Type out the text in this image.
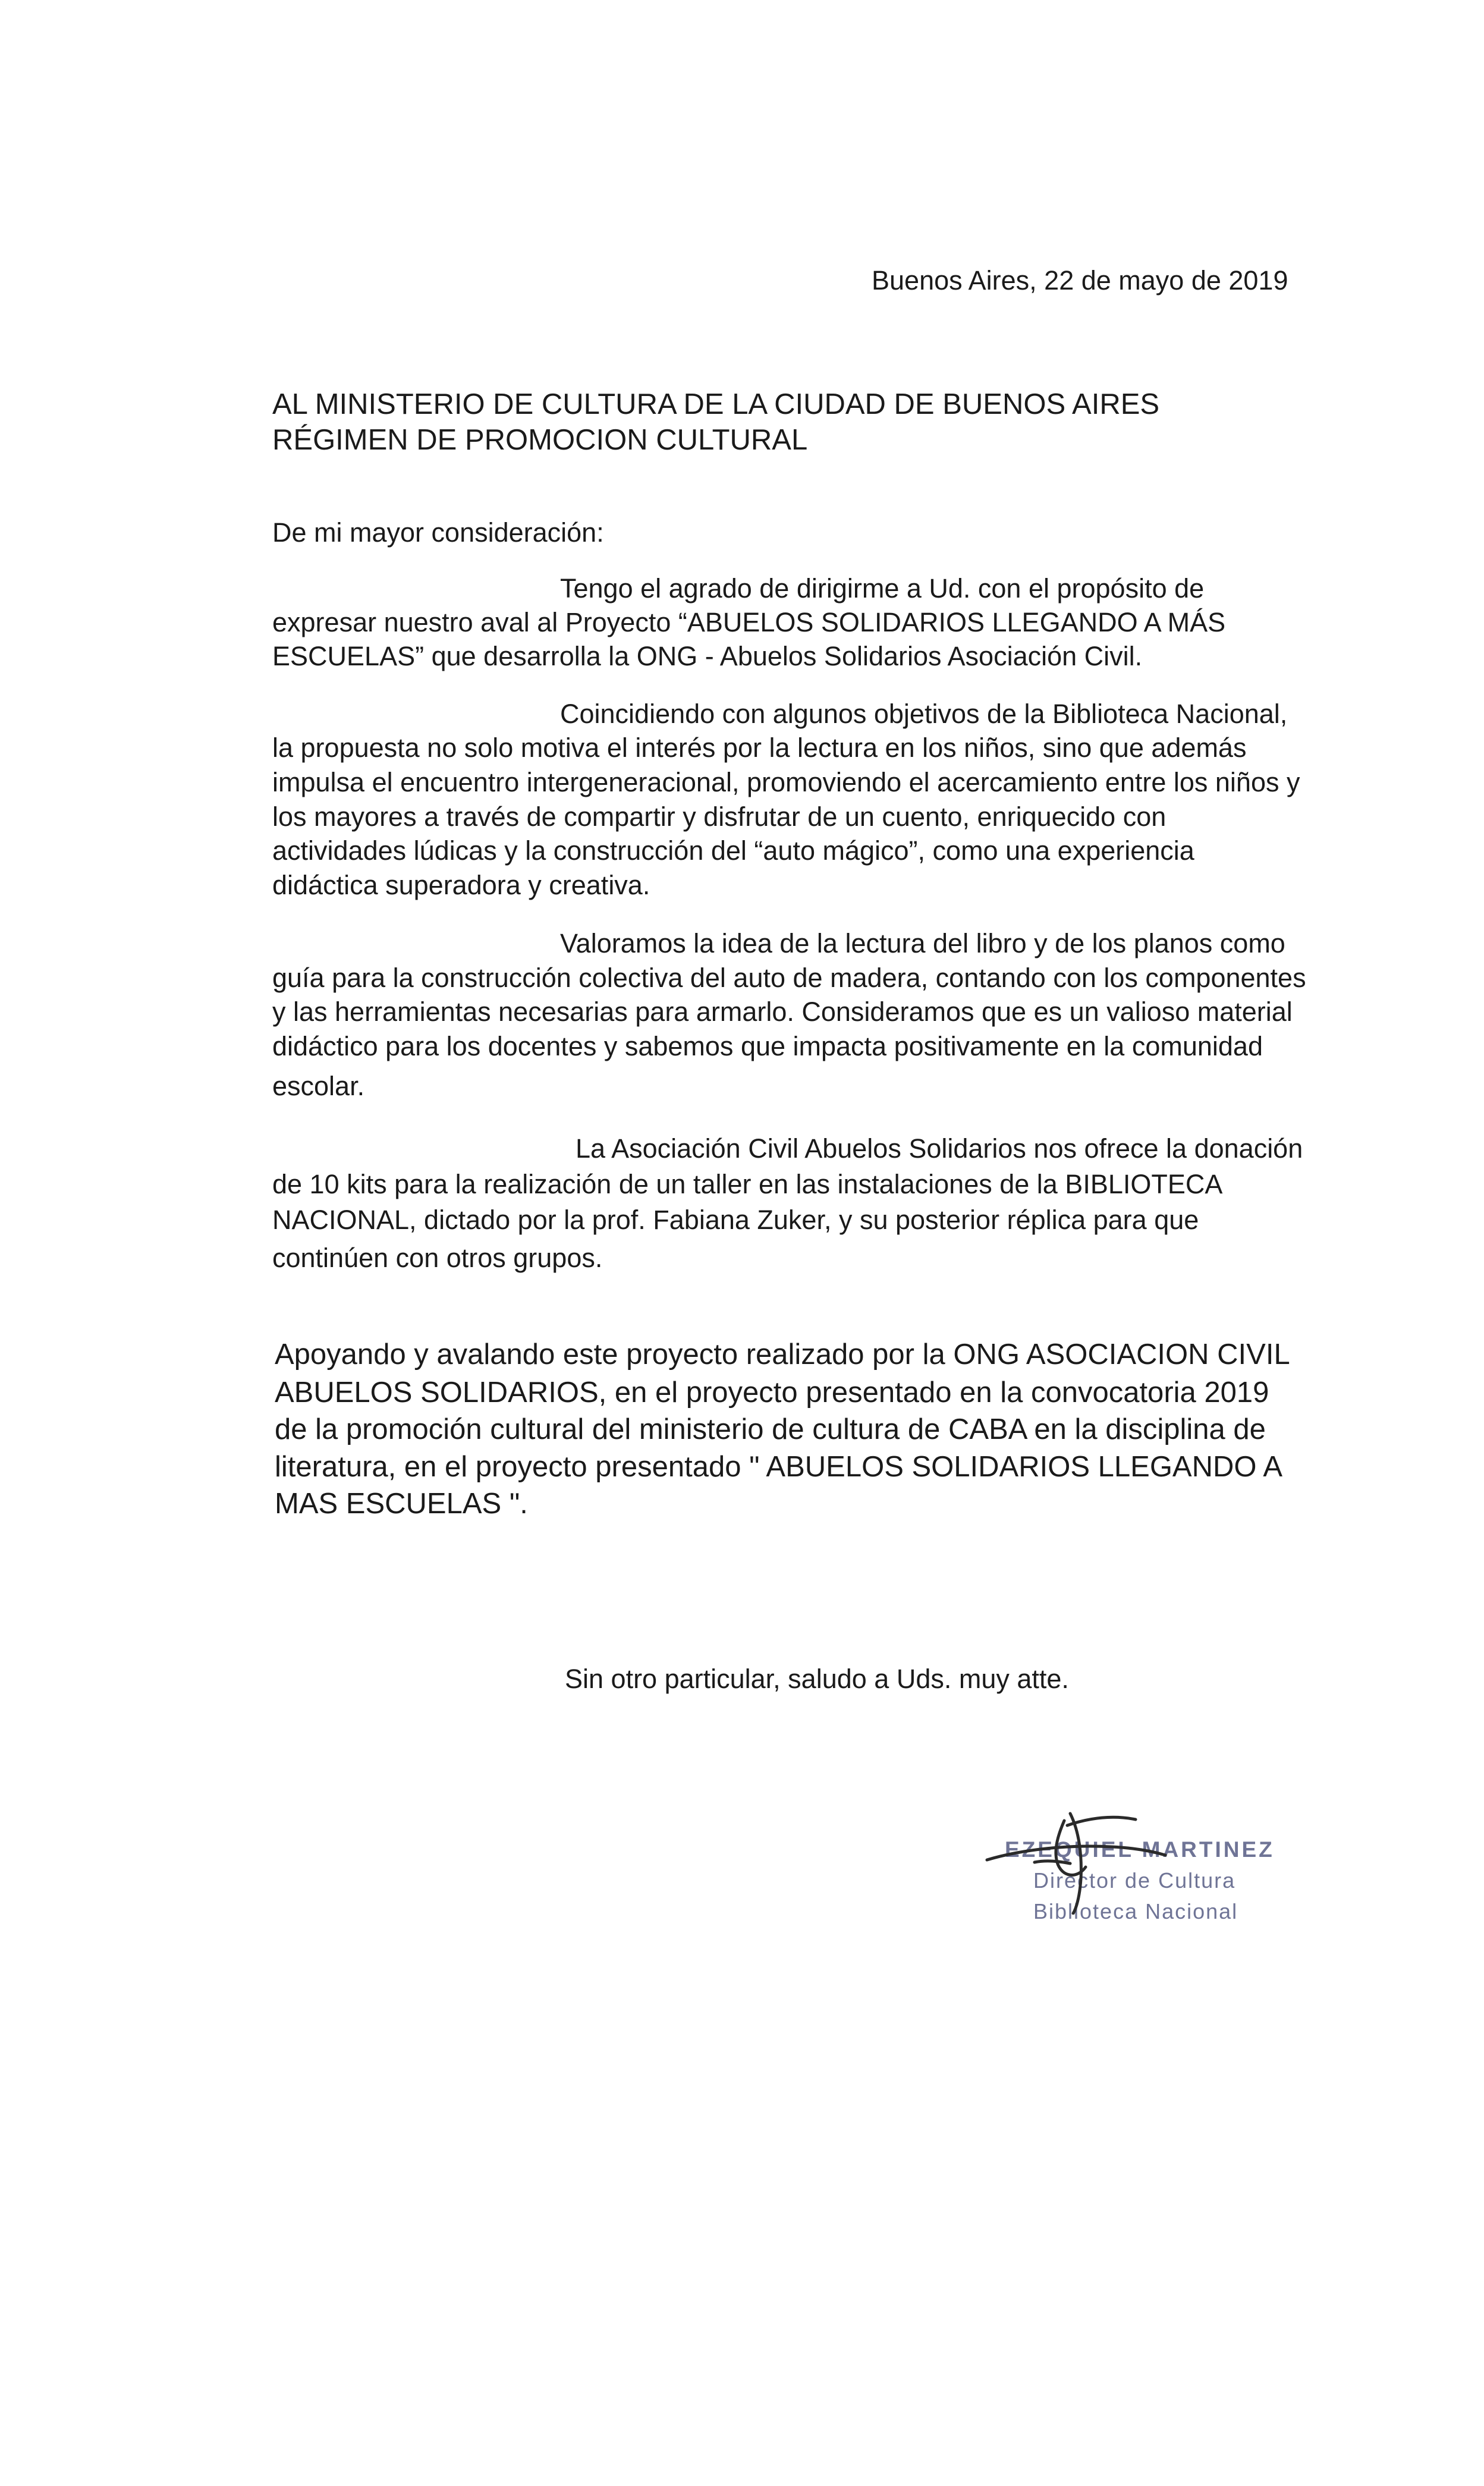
Buenos Aires, 22 de mayo de 2019
AL MINISTERIO DE CULTURA DE LA CIUDAD DE BUENOS AIRES
RÉGIMEN DE PROMOCION CULTURAL
De mi mayor consideración:
Tengo el agrado de dirigirme a Ud. con el propósito de
expresar nuestro aval al Proyecto “ABUELOS SOLIDARIOS LLEGANDO A MÁS
ESCUELAS” que desarrolla la ONG - Abuelos Solidarios Asociación Civil.
Coincidiendo con algunos objetivos de la Biblioteca Nacional,
la propuesta no solo motiva el interés por la lectura en los niños, sino que además
impulsa el encuentro intergeneracional, promoviendo el acercamiento entre los niños y
los mayores a través de compartir y disfrutar de un cuento, enriquecido con
actividades lúdicas y la construcción del “auto mágico”, como una experiencia
didáctica superadora y creativa.
Valoramos la idea de la lectura del libro y de los planos como
guía para la construcción colectiva del auto de madera, contando con los componentes
y las herramientas necesarias para armarlo. Consideramos que es un valioso material
didáctico para los docentes y sabemos que impacta positivamente en la comunidad
escolar.
La Asociación Civil Abuelos Solidarios nos ofrece la donación
de 10 kits para la realización de un taller en las instalaciones de la BIBLIOTECA
NACIONAL, dictado por la prof. Fabiana Zuker, y su posterior réplica para que
continúen con otros grupos.
Apoyando y avalando este proyecto realizado por la ONG ASOCIACION CIVIL
ABUELOS SOLIDARIOS, en el proyecto presentado en la convocatoria 2019
de la promoción cultural del ministerio de cultura de CABA en la disciplina de
literatura, en el proyecto presentado " ABUELOS SOLIDARIOS LLEGANDO A
MAS ESCUELAS ".
Sin otro particular, saludo a Uds. muy atte.
EZEQUIEL MARTINEZ
Director de Cultura
Biblioteca Nacional
